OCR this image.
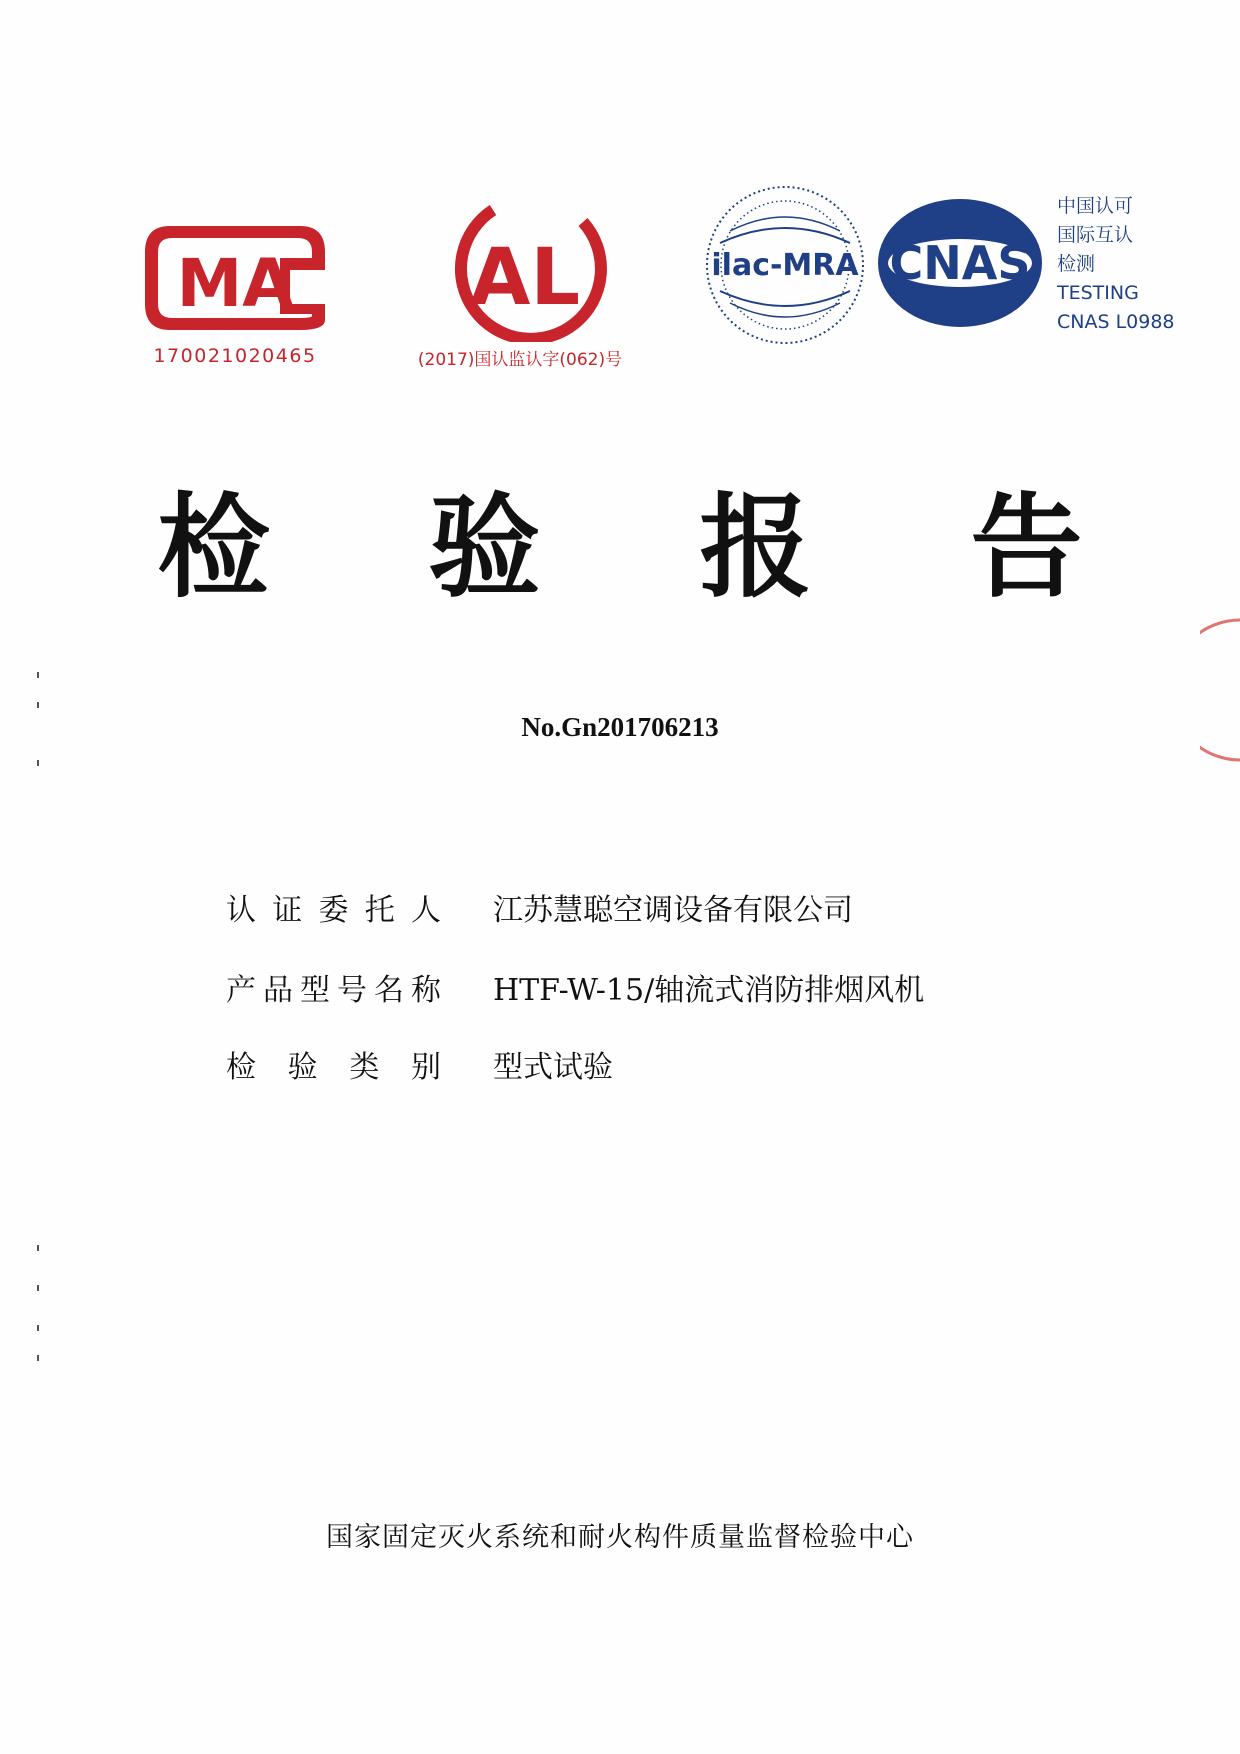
MA
170021020465
AL
(2017)国认监认字(062)号
ilac-MRA CNAS
中国认可
国际互认
检测
TESTING
CNAS L0988
检 验 报 告
No.Gn201706213
认证委托人 江苏慧聪空调设备有限公司
产品型号名称 HTF-W-15/轴流式消防排烟风机
检验类别 型式试验
国家固定灭火系统和耐火构件质量监督检验中心
